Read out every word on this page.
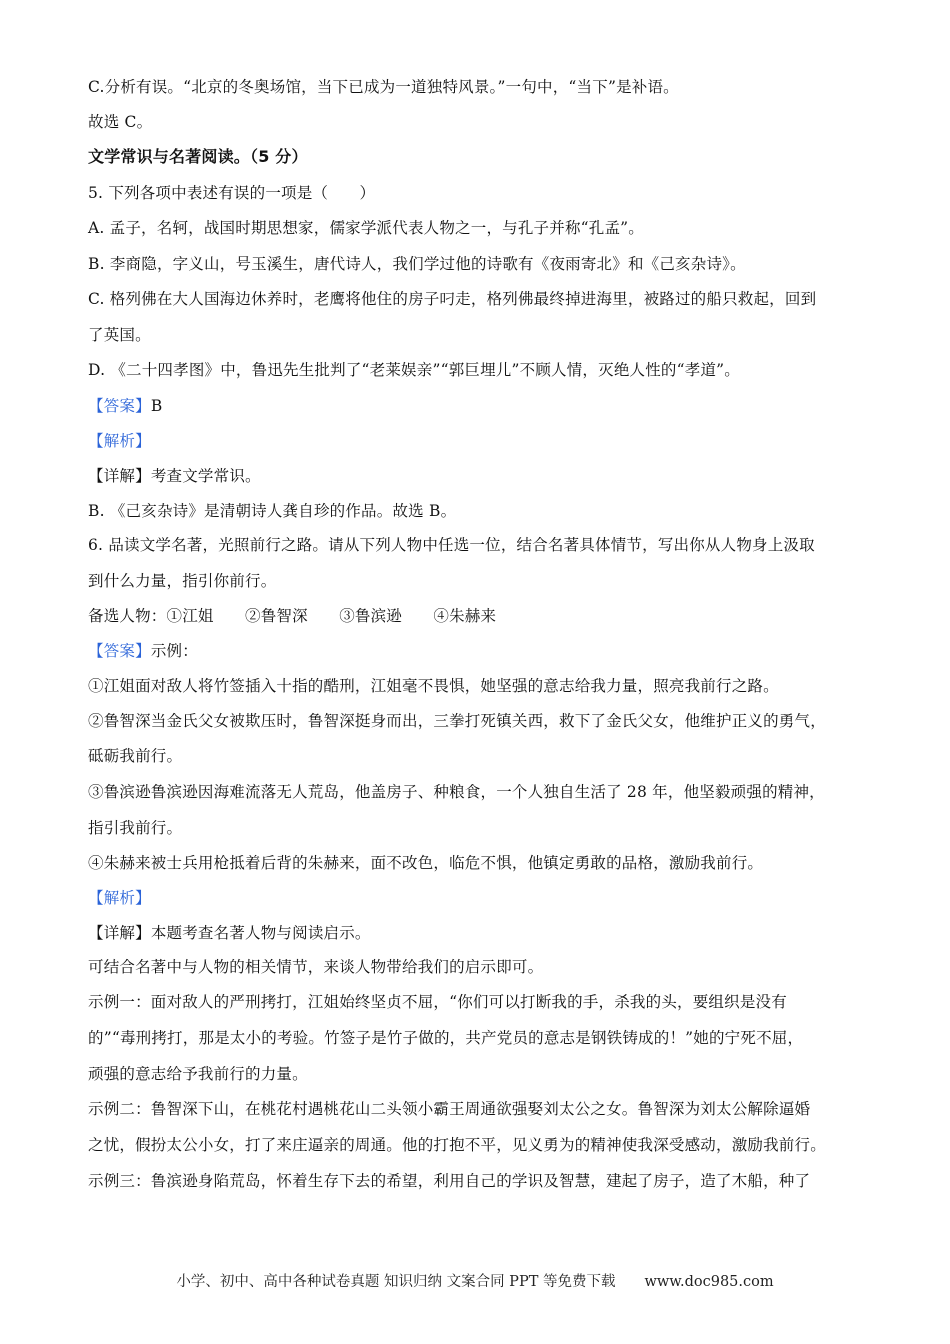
C.分析有误。“北京的冬奥场馆，当下已成为一道独特风景。”一句中，“当下”是补语。
故选 C。
文学常识与名著阅读。（5 分）
5. 下列各项中表述有误的一项是（　　）
A. 孟子，名轲，战国时期思想家，儒家学派代表人物之一，与孔子并称“孔孟”。
B. 李商隐，字义山，号玉溪生，唐代诗人，我们学过他的诗歌有《夜雨寄北》和《己亥杂诗》。
C. 格列佛在大人国海边休养时，老鹰将他住的房子叼走，格列佛最终掉进海里，被路过的船只救起，回到
了英国。
D. 《二十四孝图》中，鲁迅先生批判了“老莱娱亲”“郭巨埋儿”不顾人情，灭绝人性的“孝道”。
【答案】B
【解析】
【详解】考查文学常识。
B. 《己亥杂诗》是清朝诗人龚自珍的作品。故选 B。
6. 品读文学名著，光照前行之路。请从下列人物中任选一位，结合名著具体情节，写出你从人物身上汲取
到什么力量，指引你前行。
备选人物：①江姐　　②鲁智深　　③鲁滨逊　　④朱赫来
【答案】示例：
①江姐面对敌人将竹签插入十指的酷刑，江姐毫不畏惧，她坚强的意志给我力量，照亮我前行之路。
②鲁智深当金氏父女被欺压时，鲁智深挺身而出，三拳打死镇关西，救下了金氏父女，他维护正义的勇气，
砥砺我前行。
③鲁滨逊鲁滨逊因海难流落无人荒岛，他盖房子、种粮食，一个人独自生活了 28 年，他坚毅顽强的精神，
指引我前行。
④朱赫来被士兵用枪抵着后背的朱赫来，面不改色，临危不惧，他镇定勇敢的品格，激励我前行。
【解析】
【详解】本题考查名著人物与阅读启示。
可结合名著中与人物的相关情节，来谈人物带给我们的启示即可。
示例一：面对敌人的严刑拷打，江姐始终坚贞不屈，“你们可以打断我的手，杀我的头，要组织是没有
的”“毒刑拷打，那是太小的考验。竹签子是竹子做的，共产党员的意志是钢铁铸成的！”她的宁死不屈，
顽强的意志给予我前行的力量。
示例二：鲁智深下山，在桃花村遇桃花山二头领小霸王周通欲强娶刘太公之女。鲁智深为刘太公解除逼婚
之忧，假扮太公小女，打了来庄逼亲的周通。他的打抱不平，见义勇为的精神使我深受感动，激励我前行。
示例三：鲁滨逊身陷荒岛，怀着生存下去的希望，利用自己的学识及智慧，建起了房子，造了木船，种了
小学、初中、高中各种试卷真题 知识归纳 文案合同 PPT 等免费下载　　www.doc985.com
